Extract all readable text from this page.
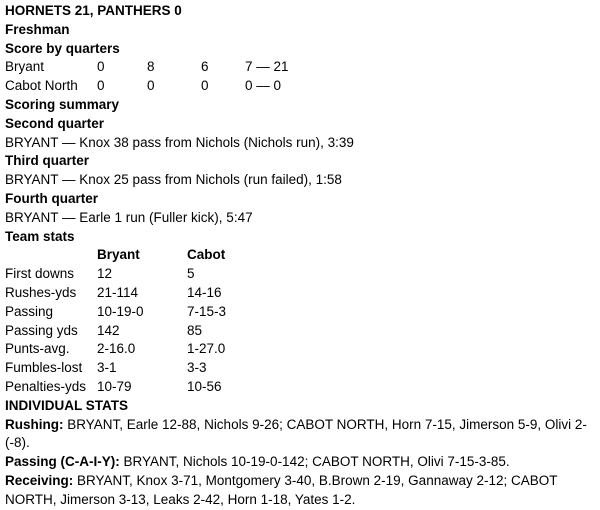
HORNETS 21, PANTHERS 0
Freshman
Score by quarters
Bryant	0	8	6	7 — 21
Cabot North	0	0	0	0 — 0
Scoring summary
Second quarter
BRYANT — Knox 38 pass from Nichols (Nichols run), 3:39
Third quarter
BRYANT — Knox 25 pass from Nichols (run failed), 1:58
Fourth quarter
BRYANT — Earle 1 run (Fuller kick), 5:47
Team stats
	Bryant	Cabot
First downs	12	5
Rushes-yds	21-114	14-16
Passing	10-19-0	7-15-3
Passing yds	142	85
Punts-avg.	2-16.0	1-27.0
Fumbles-lost	3-1	3-3
Penalties-yds	10-79	10-56
INDIVIDUAL STATS
Rushing: BRYANT, Earle 12-88, Nichols 9-26; CABOT NORTH, Horn 7-15, Jimerson 5-9, Olivi 2-(-8).
Passing (C-A-I-Y): BRYANT, Nichols 10-19-0-142; CABOT NORTH, Olivi 7-15-3-85.
Receiving: BRYANT, Knox 3-71, Montgomery 3-40, B.Brown 2-19, Gannaway 2-12; CABOT NORTH, Jimerson 3-13, Leaks 2-42, Horn 1-18, Yates 1-2.
